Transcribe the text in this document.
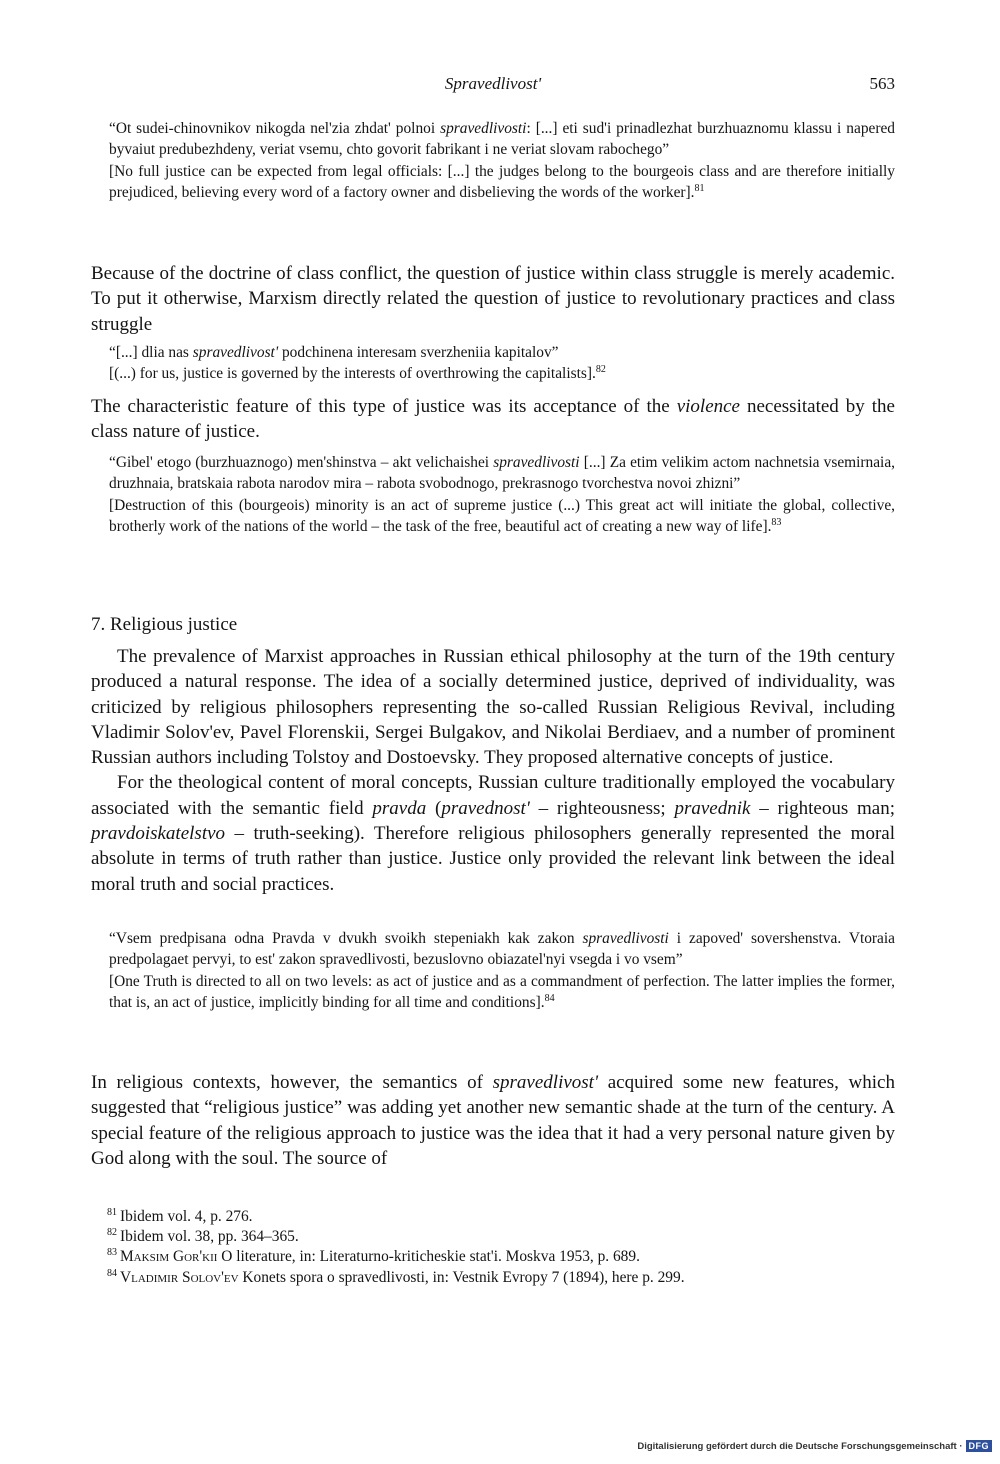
Spravedlivost'	563

“Ot sudei-chinovnikov nikogda nel'zia zhdat' polnoi spravedlivosti: [...] eti sud'i prinadlezhat burzhuaznomu klassu i napered byvaiut predubezhdeny, veriat vsemu, chto govorit fabrikant i ne veriat slovam rabochego”

[No full justice can be expected from legal officials: [...] the judges belong to the bourgeois class and are therefore initially prejudiced, believing every word of a factory owner and disbelieving the words of the worker].$^{81}$

Because of the doctrine of class conflict, the question of justice within class struggle is merely academic. To put it otherwise, Marxism directly related the question of justice to revolutionary practices and class struggle

“[...] dlia nas spravedlivost' podchinena interesam sverzheniia kapitalov”

[(...) for us, justice is governed by the interests of overthrowing the capitalists].$^{82}$

The characteristic feature of this type of justice was its acceptance of the violence necessitated by the class nature of justice.

“Gibel' etogo (burzhuaznogo) men'shinstva – akt velichaishei spravedlivosti [...] Za etim velikim actom nachnetsia vsemirnaia, druzhnaia, bratskaia rabota narodov mira – rabota svobodnogo, prekrasnogo tvorchestva novoi zhizni”

[Destruction of this (bourgeois) minority is an act of supreme justice (...) This great act will initiate the global, collective, brotherly work of the nations of the world – the task of the free, beautiful act of creating a new way of life].$^{83}$

7. Religious justice

The prevalence of Marxist approaches in Russian ethical philosophy at the turn of the 19th century produced a natural response. The idea of a socially determined justice, deprived of individuality, was criticized by religious philosophers representing the so-called Russian Religious Revival, including Vladimir Solov'ev, Pavel Florenskii, Sergei Bulgakov, and Nikolai Berdiaev, and a number of prominent Russian authors including Tolstoy and Dostoevsky. They proposed alternative concepts of justice.

For the theological content of moral concepts, Russian culture traditionally employed the vocabulary associated with the semantic field pravda (pravednost' – righteousness; pravednik – righteous man; pravdoiskatelstvo – truth-seeking). Therefore religious philosophers generally represented the moral absolute in terms of truth rather than justice. Justice only provided the relevant link between the ideal moral truth and social practices.

“Vsem predpisana odna Pravda v dvukh svoikh stepeniakh kak zakon spravedlivosti i zapoved' sovershenstva. Vtoraia predpolagaet pervyi, to est' zakon spravedlivosti, bezuslovno obiazatel'nyi vsegda i vo vsem”

[One Truth is directed to all on two levels: as act of justice and as a commandment of perfection. The latter implies the former, that is, an act of justice, implicitly binding for all time and conditions].$^{84}$

In religious contexts, however, the semantics of spravedlivost' acquired some new features, which suggested that “religious justice” was adding yet another new semantic shade at the turn of the century. A special feature of the religious approach to justice was the idea that it had a very personal nature given by God along with the soul. The source of

$^{81}$ Ibidem vol. 4, p. 276.

$^{82}$ Ibidem vol. 38, pp. 364–365.

$^{83}$ Maksim Gor'kii O literature, in: Literaturno-kriticheskie stat'i. Moskva 1953, p. 689.

$^{84}$ Vladimir Solov'ev Konets spora o spravedlivosti, in: Vestnik Evropy 7 (1894), here p. 299.

Digitalisierung gefördert durch die Deutsche Forschungsgemeinschaft · DFG
